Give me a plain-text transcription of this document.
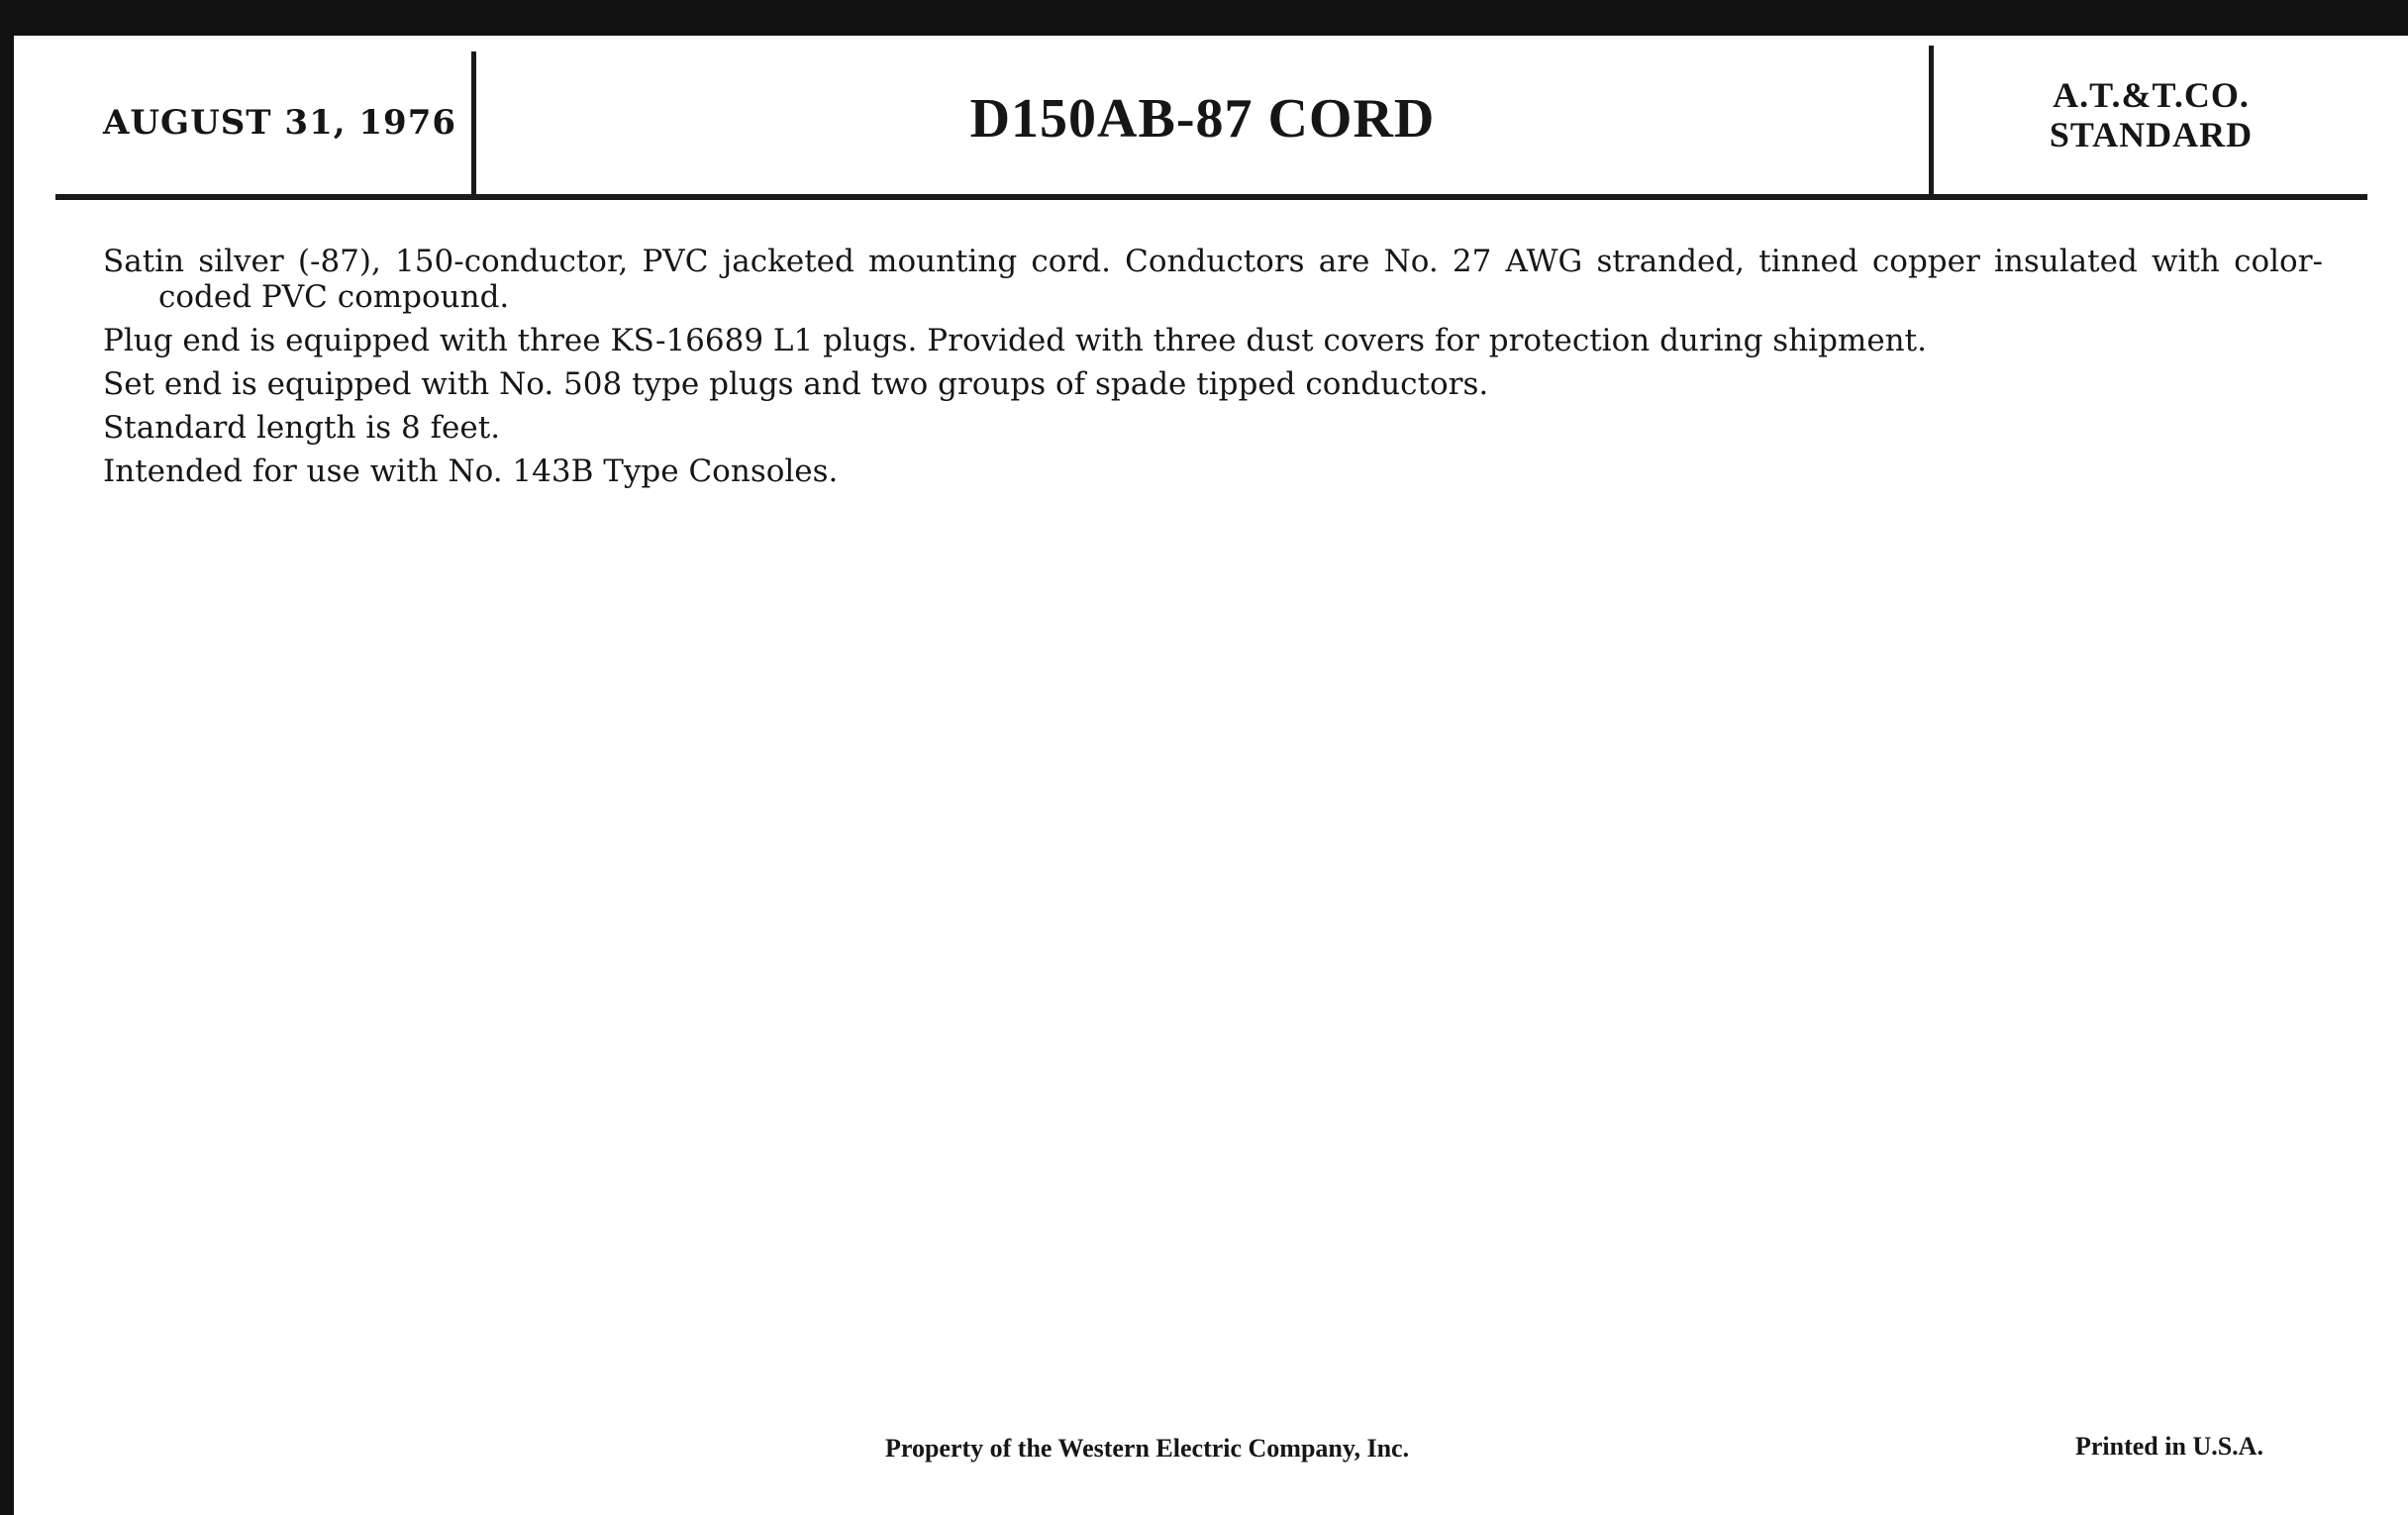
AUGUST 31, 1976	D150AB-87 CORD	A.T.&T.CO.
STANDARD

Satin silver (-87), 150-conductor, PVC jacketed mounting cord. Conductors are No. 27 AWG stranded, tinned copper insulated with color-coded PVC compound.

Plug end is equipped with three KS-16689 L1 plugs. Provided with three dust covers for protection during shipment.

Set end is equipped with No. 508 type plugs and two groups of spade tipped conductors.

Standard length is 8 feet.

Intended for use with No. 143B Type Consoles.

Property of the Western Electric Company, Inc.	Printed in U.S.A.
